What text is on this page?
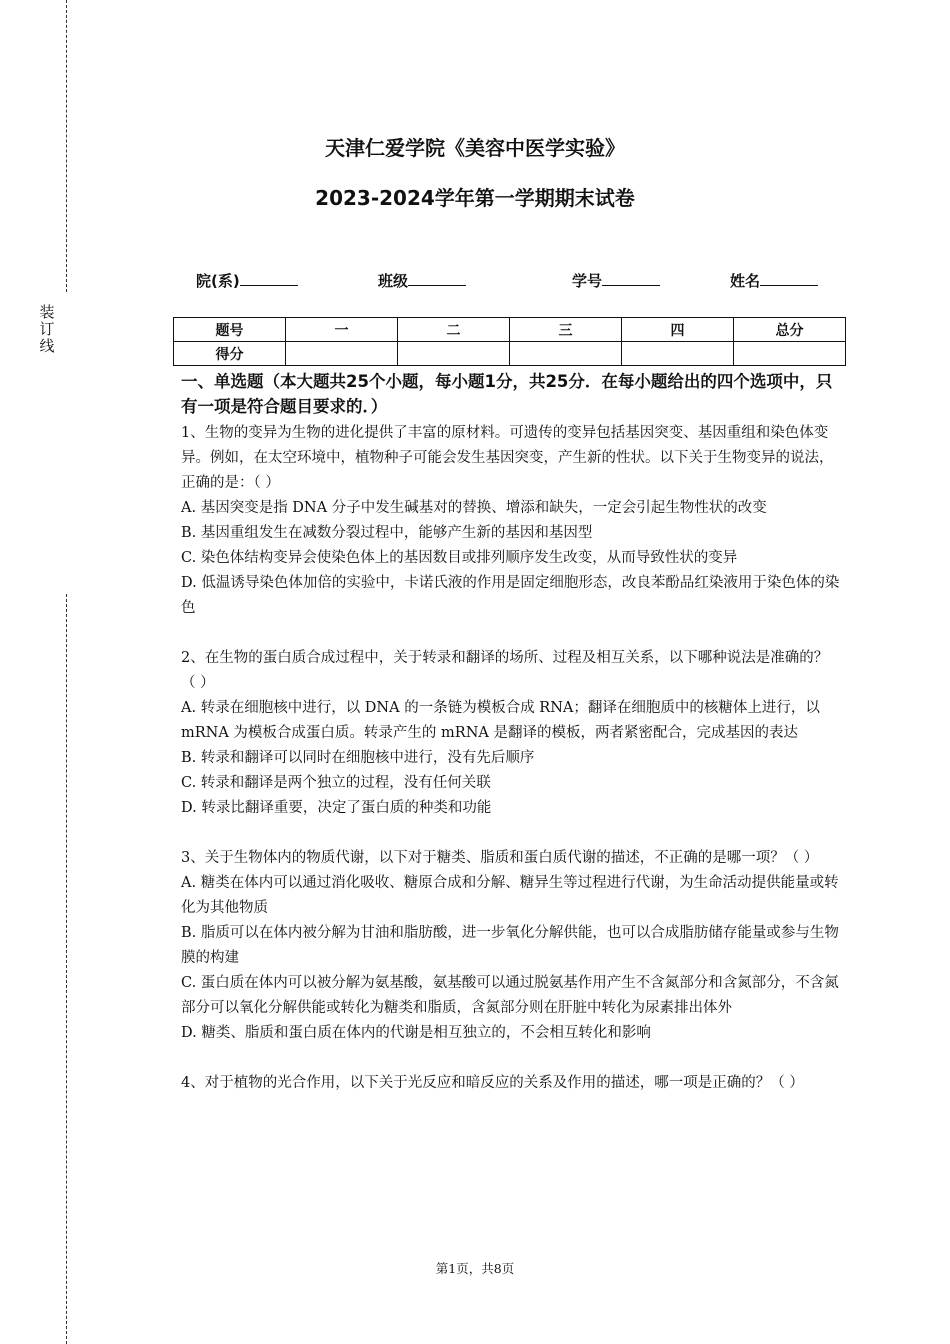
装
订
线
天津仁爱学院《美容中医学实验》
2023-2024学年第一学期期末试卷
院(系)	班级	学号	姓名
题号	一	二	三	四	总分
得分					
一、单选题（本大题共25个小题，每小题1分，共25分．在每小题给出的四个选项中，只有一项是符合题目要求的．）

1、生物的变异为生物的进化提供了丰富的原材料。可遗传的变异包括基因突变、基因重组和染色体变异。例如，在太空环境中，植物种子可能会发生基因突变，产生新的性状。以下关于生物变异的说法，正确的是：（ ）

A. 基因突变是指 DNA 分子中发生碱基对的替换、增添和缺失，一定会引起生物性状的改变

B. 基因重组发生在减数分裂过程中，能够产生新的基因和基因型

C. 染色体结构变异会使染色体上的基因数目或排列顺序发生改变，从而导致性状的变异

D. 低温诱导染色体加倍的实验中，卡诺氏液的作用是固定细胞形态，改良苯酚品红染液用于染色体的染色

2、在生物的蛋白质合成过程中，关于转录和翻译的场所、过程及相互关系，以下哪种说法是准确的？（ ）

A. 转录在细胞核中进行，以 DNA 的一条链为模板合成 RNA；翻译在细胞质中的核糖体上进行，以 mRNA 为模板合成蛋白质。转录产生的 mRNA 是翻译的模板，两者紧密配合，完成基因的表达

B. 转录和翻译可以同时在细胞核中进行，没有先后顺序

C. 转录和翻译是两个独立的过程，没有任何关联

D. 转录比翻译重要，决定了蛋白质的种类和功能

3、关于生物体内的物质代谢，以下对于糖类、脂质和蛋白质代谢的描述，不正确的是哪一项？（ ）

A. 糖类在体内可以通过消化吸收、糖原合成和分解、糖异生等过程进行代谢，为生命活动提供能量或转化为其他物质

B. 脂质可以在体内被分解为甘油和脂肪酸，进一步氧化分解供能，也可以合成脂肪储存能量或参与生物膜的构建

C. 蛋白质在体内可以被分解为氨基酸，氨基酸可以通过脱氨基作用产生不含氮部分和含氮部分，不含氮部分可以氧化分解供能或转化为糖类和脂质，含氮部分则在肝脏中转化为尿素排出体外

D. 糖类、脂质和蛋白质在体内的代谢是相互独立的，不会相互转化和影响

4、对于植物的光合作用，以下关于光反应和暗反应的关系及作用的描述，哪一项是正确的？（ ）

第1页，共8页
